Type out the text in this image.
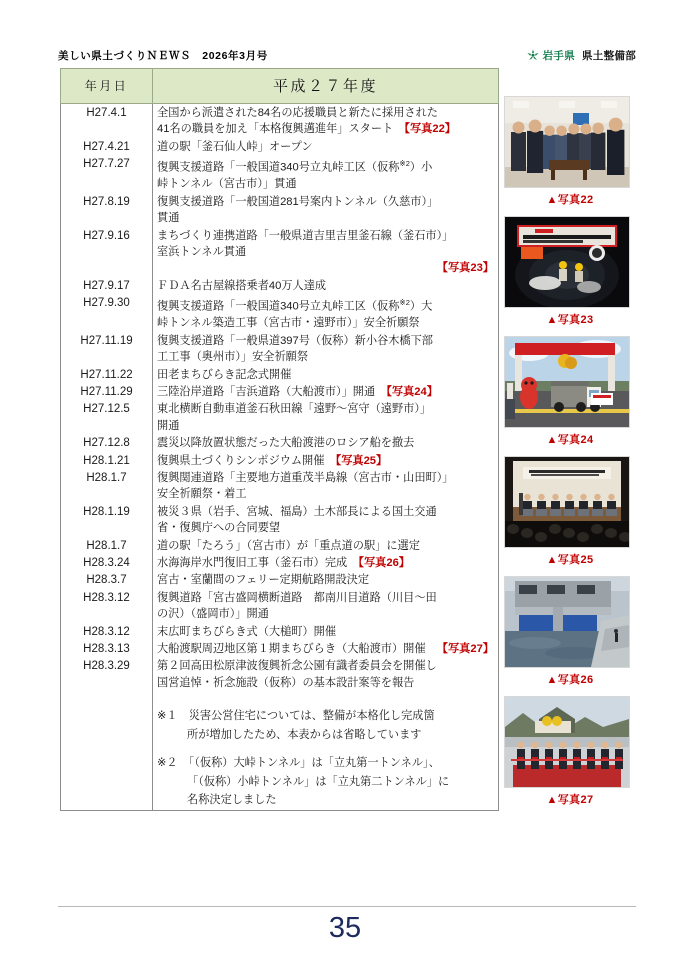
美しい県土づくりＮＥＷＳ　2026年3月号	岩手県 県土整備部
年月日	平成２７年度
H27.4.1	全国から派遣された84名の応援職員と新たに採用された
41名の職員を加え「本格復興邁進年」スタート　【写真22】

H27.4.21	道の駅「釜石仙人峠」オープン

H27.7.27	復興支援道路「一般国道340号立丸峠工区（仮称$^{※2}$）小
峠トンネル（宮古市）」貫通

H27.8.19	復興支援道路「一般国道281号案内トンネル（久慈市）」
貫通

H27.9.16	まちづくり連携道路「一般県道吉里吉里釜石線（釜石市）」
室浜トンネル貫通
【写真23】

H27.9.17	ＦＤＡ名古屋線搭乗者40万人達成

H27.9.30	復興支援道路「一般国道340号立丸峠工区（仮称$^{※2}$）大
峠トンネル築造工事（宮古市・遠野市）」安全祈願祭

H27.11.19	復興支援道路「一般県道397号（仮称）新小谷木橋下部
工工事（奥州市）」安全祈願祭

H27.11.22	田老まちびらき記念式開催

H27.11.29	三陸沿岸道路「吉浜道路（大船渡市）」開通　【写真24】

H27.12.5	東北横断自動車道釜石秋田線「遠野～宮守（遠野市）」
開通

H27.12.8	震災以降放置状態だった大船渡港のロシア船を撤去

H28.1.21	復興県土づくりシンポジウム開催　【写真25】

H28.1.7	復興関連道路「主要地方道重茂半島線（宮古市・山田町）」
安全祈願祭・着工

H28.1.19	被災３県（岩手、宮城、福島）土木部長による国土交通
省・復興庁への合同要望

H28.1.7	道の駅「たろう」（宮古市）が「重点道の駅」に選定

H28.3.24	水海海岸水門復旧工事（釜石市）完成　【写真26】

H28.3.7	宮古・室蘭間のフェリー定期航路開設決定

H28.3.12	復興道路「宮古盛岡横断道路　都南川目道路（川目～田
の沢）（盛岡市）」開通

H28.3.12	末広町まちびらき式（大槌町）開催

H28.3.13	大船渡駅周辺地区第１期まちびらき（大船渡市）開催 【写真27】

H28.3.29	第２回高田松原津波復興祈念公園有識者委員会を開催し
国営追悼・祈念施設（仮称）の基本設計案等を報告

	※１　災害公営住宅については、整備が本格化し完成箇
所が増加したため、本表からは省略しています
※２　「（仮称）大峠トンネル」は「立丸第一トンネル」、
「（仮称）小峠トンネル」は「立丸第二トンネル」に
名称決定しました
▲写真22
▲写真23
▲写真24
▲写真25
▲写真26
▲写真27
35
